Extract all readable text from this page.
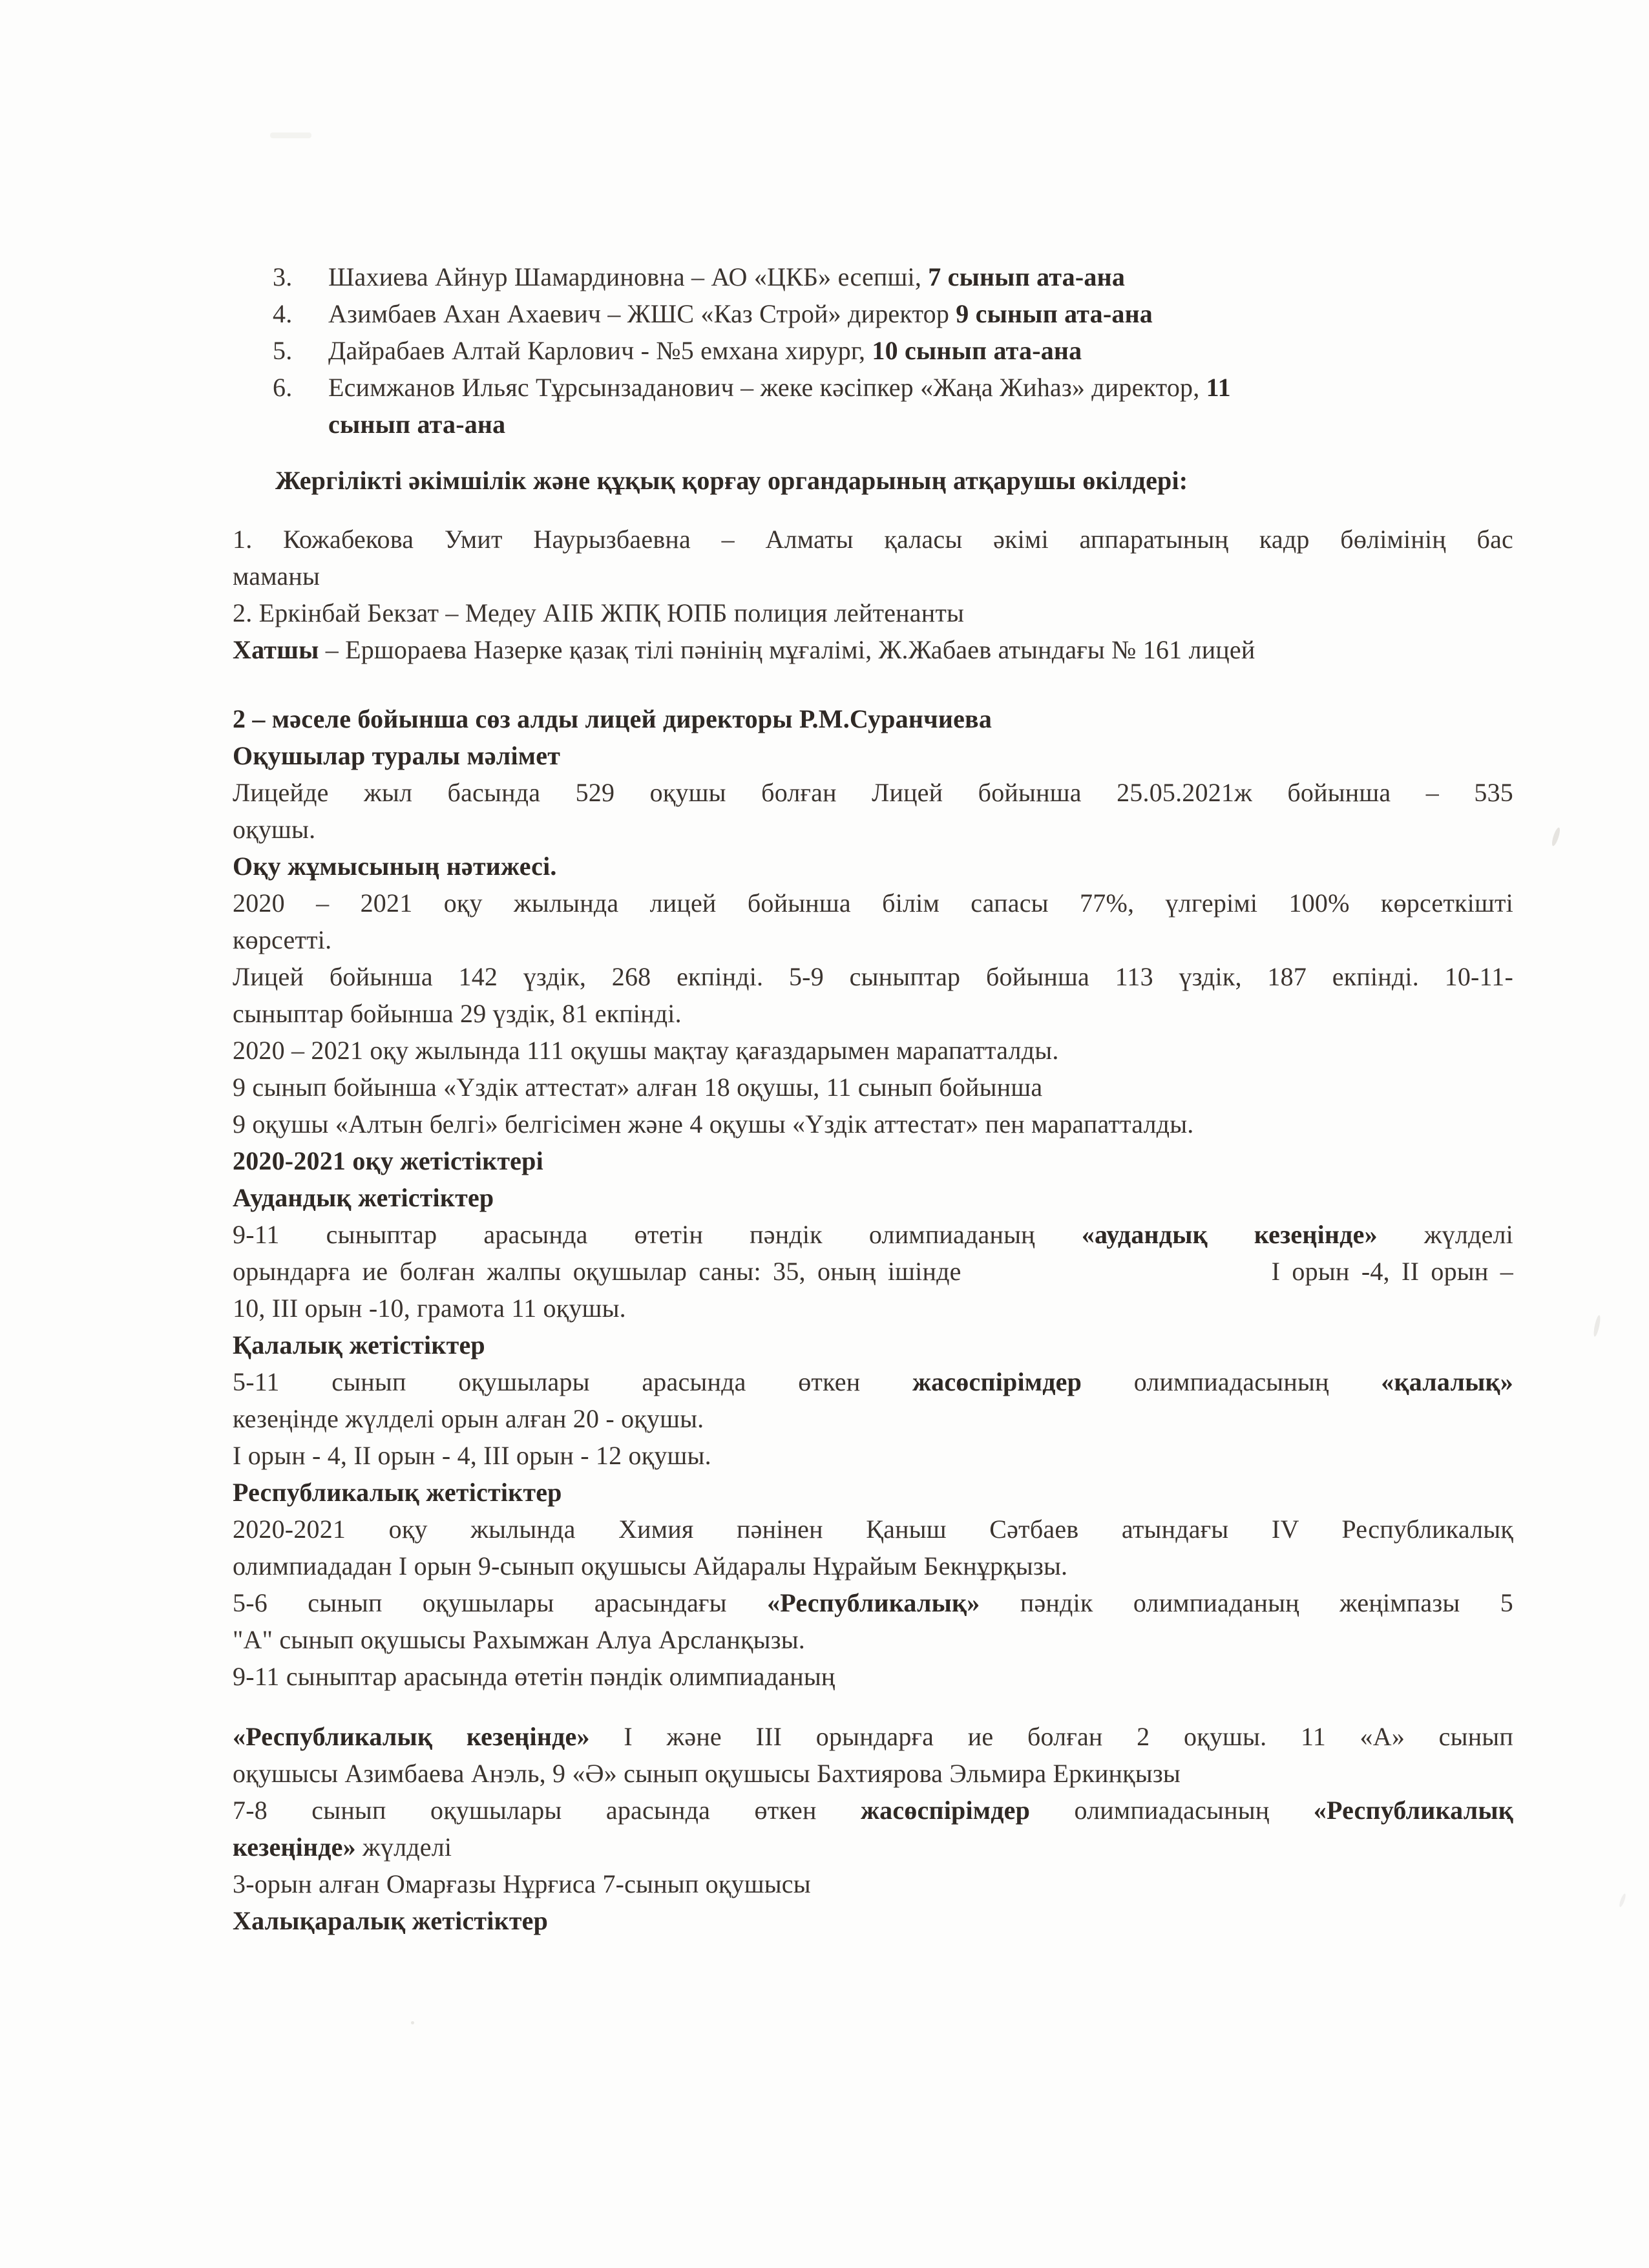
3. Шахиева Айнур Шамардиновна – АО «ЦКБ» есепші, 7 сынып ата-ана
4. Азимбаев Ахан Ахаевич – ЖШС «Каз Строй» директор 9 сынып ата-ана
5. Дайрабаев Алтай Карлович - №5 емхана хирург, 10 сынып ата-ана
6. Есимжанов Ильяс Тұрсынзаданович – жеке кәсіпкер «Жаңа Жиһаз» директор, 11
сынып ата-ана
Жергілікті әкімшілік және құқық қорғау органдарының атқарушы өкілдері:
1. Кожабекова Умит Наурызбаевна – Алматы қаласы әкімі аппаратының кадр бөлімінің бас
маманы
2. Еркінбай Бекзат – Медеу АІІБ ЖПҚ ЮПБ полиция лейтенанты
Хатшы – Ершораева Назерке қазақ тілі пәнінің мұғалімі, Ж.Жабаев атындағы № 161 лицей
2 – мәселе бойынша сөз алды лицей директоры Р.М.Суранчиева
Оқушылар туралы мәлімет
Лицейде жыл басында 529 оқушы болған Лицей бойынша 25.05.2021ж бойынша – 535
оқушы.
Оқу жұмысының нәтижесі.
2020 – 2021 оқу жылында лицей бойынша білім сапасы 77%, үлгерімі 100% көрсеткішті
көрсетті.
Лицей бойынша 142 үздік, 268 екпінді. 5-9 сыныптар бойынша 113 үздік, 187 екпінді. 10-11-
сыныптар бойынша 29 үздік, 81 екпінді.
2020 – 2021 оқу жылында 111 оқушы мақтау қағаздарымен марапатталды.
9 сынып бойынша «Үздік аттестат» алған 18 оқушы, 11 сынып бойынша
9 оқушы «Алтын белгі» белгісімен және 4 оқушы «Үздік аттестат» пен марапатталды.
2020-2021 оқу жетістіктері
Аудандық жетістіктер
9-11 сыныптар арасында өтетін пәндік олимпиаданың «аудандық кезеңінде» жүлделі
орындарға ие болған жалпы оқушылар саны: 35, оның ішінде	І орын -4, ІІ орын –
10, ІІІ орын -10, грамота 11 оқушы.
Қалалық жетістіктер
5-11 сынып оқушылары арасында өткен жасөспірімдер олимпиадасының «қалалық»
кезеңінде жүлделі орын алған 20 - оқушы.
І орын - 4, ІІ орын - 4, ІІІ орын - 12 оқушы.
Республикалық жетістіктер
2020-2021 оқу жылында Химия пәнінен Қаныш Сәтбаев атындағы IV Республикалық
олимпиададан І орын 9-сынып оқушысы Айдаралы Нұрайым Бекнұрқызы.
5-6 сынып оқушылары арасындағы «Республикалық» пәндік олимпиаданың жеңімпазы 5
"А" сынып оқушысы Рахымжан Алуа Арсланқызы.
9-11 сыныптар арасында өтетін пәндік олимпиаданың
«Республикалық кезеңінде» І және ІІІ орындарға ие болған 2 оқушы. 11 «А» сынып
оқушысы Азимбаева Анэль, 9 «Ә» сынып оқушысы Бахтиярова Эльмира Еркинқызы
7-8 сынып оқушылары арасында өткен жасөспірімдер олимпиадасының «Республикалық
кезеңінде» жүлделі
3-орын алған Омарғазы Нұрғиса 7-сынып оқушысы
Халықаралық жетістіктер
